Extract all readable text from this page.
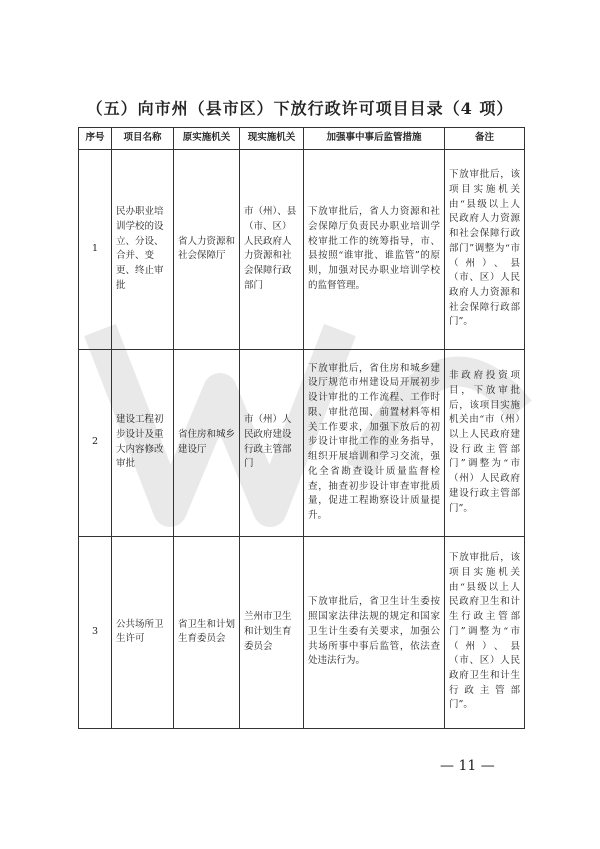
（五）向市州（县市区）下放行政许可项目目录（4 项）
序号	项目名称	原实施机关	现实施机关	加强事中事后监管措施	备注
1	民办职业培训学校的设立、分设、合并、变更、终止审批	省人力资源和社会保障厅	市（州）、县（市、区）人民政府人力资源和社会保障行政部门	下放审批后，省人力资源和社会保障厅负责民办职业培训学校审批工作的统筹指导，市、县按照“谁审批、谁监管”的原则，加强对民办职业培训学校的监督管理。	下放审批后，该项目实施机关由“县级以上人民政府人力资源和社会保障行政部门”调整为“市（州）、县（市、区）人民政府人力资源和社会保障行政部门”。
2	建设工程初步设计及重大内容修改审批	省住房和城乡建设厅	市（州）人民政府建设行政主管部门	下放审批后，省住房和城乡建设厅规范市州建设局开展初步设计审批的工作流程、工作时限、审批范围、前置材料等相关工作要求，加强下放后的初步设计审批工作的业务指导，组织开展培训和学习交流，强化全省勘查设计质量监督检查，抽查初步设计审查审批质量，促进工程勘察设计质量提升。	非政府投资项目，下放审批后，该项目实施机关由“市（州）以上人民政府建设行政主管部门”调整为“市（州）人民政府建设行政主管部门”。
3	公共场所卫生许可	省卫生和计划生育委员会	兰州市卫生和计划生育委员会	下放审批后，省卫生计生委按照国家法律法规的规定和国家卫生计生委有关要求，加强公共场所事中事后监管，依法查处违法行为。	下放审批后，该项目实施机关由“县级以上人民政府卫生和计生行政主管部门”调整为“市（州）、县（市、区）人民政府卫生和计生行政主管部门”。
— 11 —
